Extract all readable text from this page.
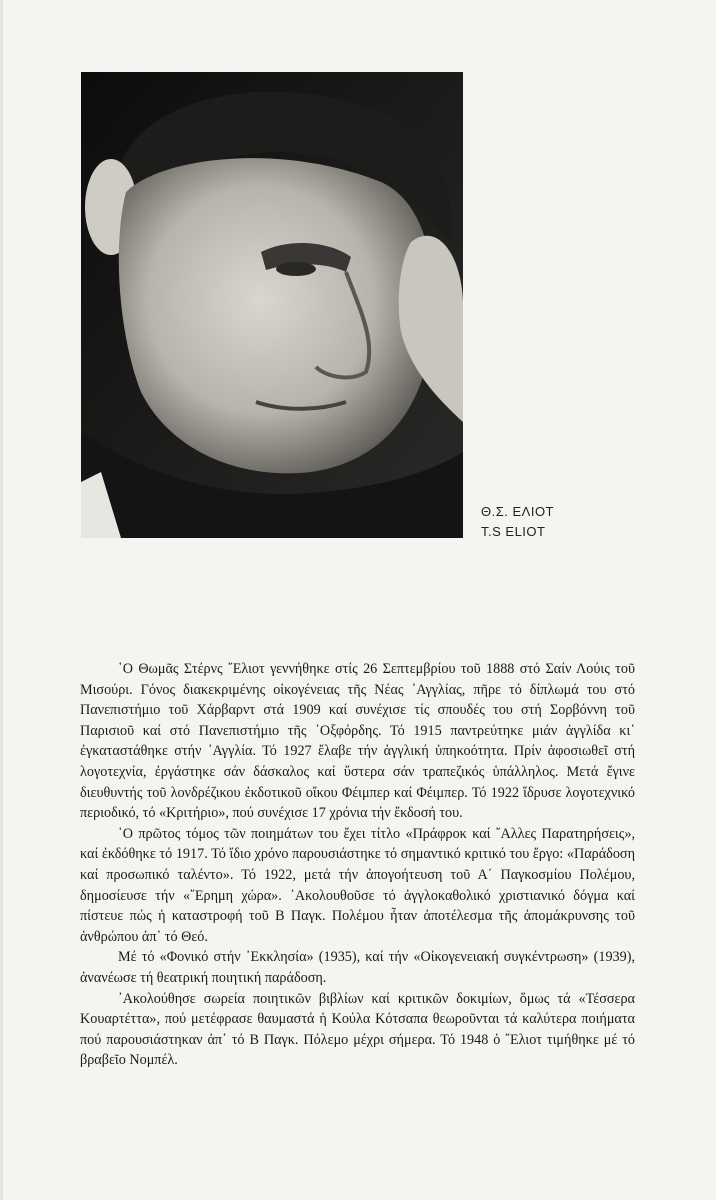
Θ.Σ. ΕΛΙΟΤ
T.S ELIOT

῾Ο Θωμᾶς Στέρνς ῎Ελιοτ γεννήθηκε στίς 26 Σεπτεμβρίου τοῦ 1888 στό Σαίν Λούις τοῦ Μισούρι. Γόνος διακεκριμένης οἰκογένειας τῆς Νέας ᾿Αγγλίας, πῆρε τό δίπλωμά του στό Πανεπιστήμιο τοῦ Χάρβαρντ στά 1909 καί συνέχισε τίς σπουδές του στή Σορβόννη τοῦ Παρισιοῦ καί στό Πανεπιστήμιο τῆς ᾿Οξφόρδης. Τό 1915 παντρεύτηκε μιάν ἀγγλίδα κι᾿ ἐγκαταστάθηκε στήν ᾿Αγγλία. Τό 1927 ἔλαβε τήν ἀγγλική ὑπηκοότητα. Πρίν ἀφοσιωθεῖ στή λογοτεχνία, ἐργάστηκε σάν δάσκαλος καί ὕστερα σάν τραπεζικός ὑπάλληλος. Μετά ἔγινε διευθυντής τοῦ λονδρέζικου ἐκδοτικοῦ οἴκου Φέιμπερ καί Φέιμπερ. Τό 1922 ἵδρυσε λογοτεχνικό περιοδικό, τό «Κριτήριο», πού συνέχισε 17 χρόνια τήν ἔκδοσή του.

῾Ο πρῶτος τόμος τῶν ποιημάτων του ἔχει τίτλο «Πράφροκ καί ῎Αλλες Παρατηρήσεις», καί ἐκδόθηκε τό 1917. Τό ἴδιο χρόνο παρουσιάστηκε τό σημαντικό κριτικό του ἔργο: «Παράδοση καί προσωπικό ταλέντο». Τό 1922, μετά τήν ἀπογοήτευση τοῦ Α΄ Παγκοσμίου Πολέμου, δημοσίευσε τήν «῎Ερημη χώρα». ᾿Ακολουθοῦσε τό ἀγγλοκαθολικό χριστιανικό δόγμα καί πίστευε πώς ἡ καταστροφή τοῦ Β Παγκ. Πολέμου ἦταν ἀποτέλεσμα τῆς ἀπομάκρυνσης τοῦ ἀνθρώπου ἀπ᾿ τό Θεό.

Μέ τό «Φονικό στήν ᾿Εκκλησία» (1935), καί τήν «Οἰκογενειακή συγκέντρωση» (1939), ἀνανέωσε τή θεατρική ποιητική παράδοση.

᾿Ακολούθησε σωρεία ποιητικῶν βιβλίων καί κριτικῶν δοκιμίων, ὅμως τά «Τέσσερα Κουαρτέττα», πού μετέφρασε θαυμαστά ἡ Κούλα Κότσαπα θεωροῦνται τά καλύτερα ποιήματα πού παρουσιάστηκαν ἀπ᾿ τό Β Παγκ. Πόλεμο μέχρι σήμερα. Τό 1948 ὁ ῎Ελιοτ τιμήθηκε μέ τό βραβεῖο Νομπέλ.
